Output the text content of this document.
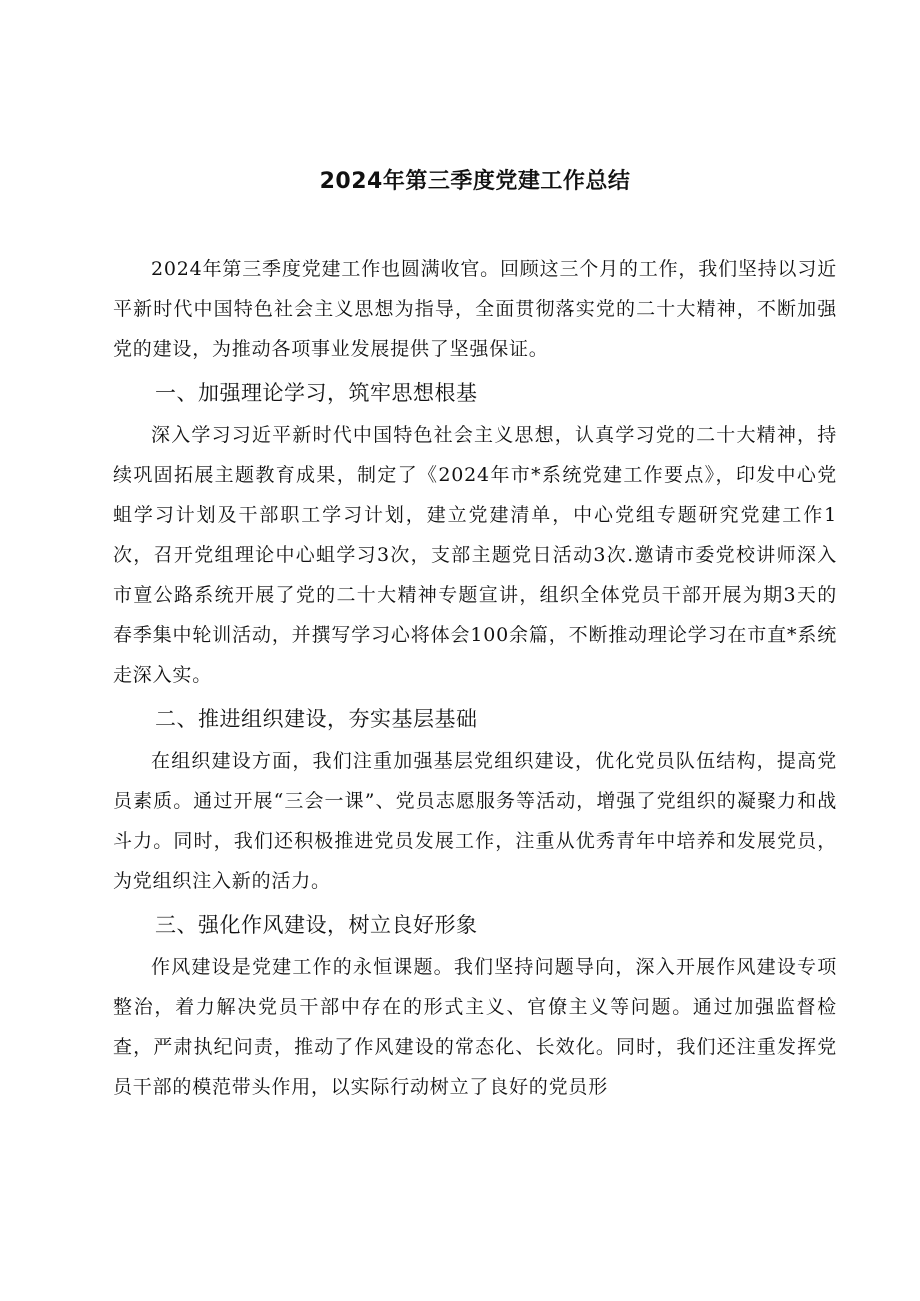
2024年第三季度党建工作总结

2024年第三季度党建工作也圆满收官。回顾这三个月的工作，我们坚持以习近平新时代中国特色社会主义思想为指导，全面贯彻落实党的二十大精神，不断加强党的建设，为推动各项事业发展提供了坚强保证。

一、加强理论学习，筑牢思想根基

深入学习习近平新时代中国特色社会主义思想，认真学习党的二十大精神，持续巩固拓展主题教育成果，制定了《2024年市*系统党建工作要点》，印发中心党蛆学习计划及干部职工学习计划，建立党建清单，中心党组专题研究党建工作1次，召开党组理论中心蛆学习3次，支部主题党日活动3次.邀请市委党校讲师深入市亶公路系统开展了党的二十大精神专题宣讲，组织全体党员干部开展为期3天的春季集中轮训活动，并撰写学习心将体会100余篇，不断推动理论学习在市直*系统走深入实。

二、推进组织建设，夯实基层基础

在组织建设方面，我们注重加强基层党组织建设，优化党员队伍结构，提高党员素质。通过开展“三会一课”、党员志愿服务等活动，增强了党组织的凝聚力和战斗力。同时，我们还积极推进党员发展工作，注重从优秀青年中培养和发展党员，为党组织注入新的活力。

三、强化作风建设，树立良好形象

作风建设是党建工作的永恒课题。我们坚持问题导向，深入开展作风建设专项整治，着力解决党员干部中存在的形式主义、官僚主义等问题。通过加强监督检查，严肃执纪问责，推动了作风建设的常态化、长效化。同时，我们还注重发挥党员干部的模范带头作用，以实际行动树立了良好的党员形
